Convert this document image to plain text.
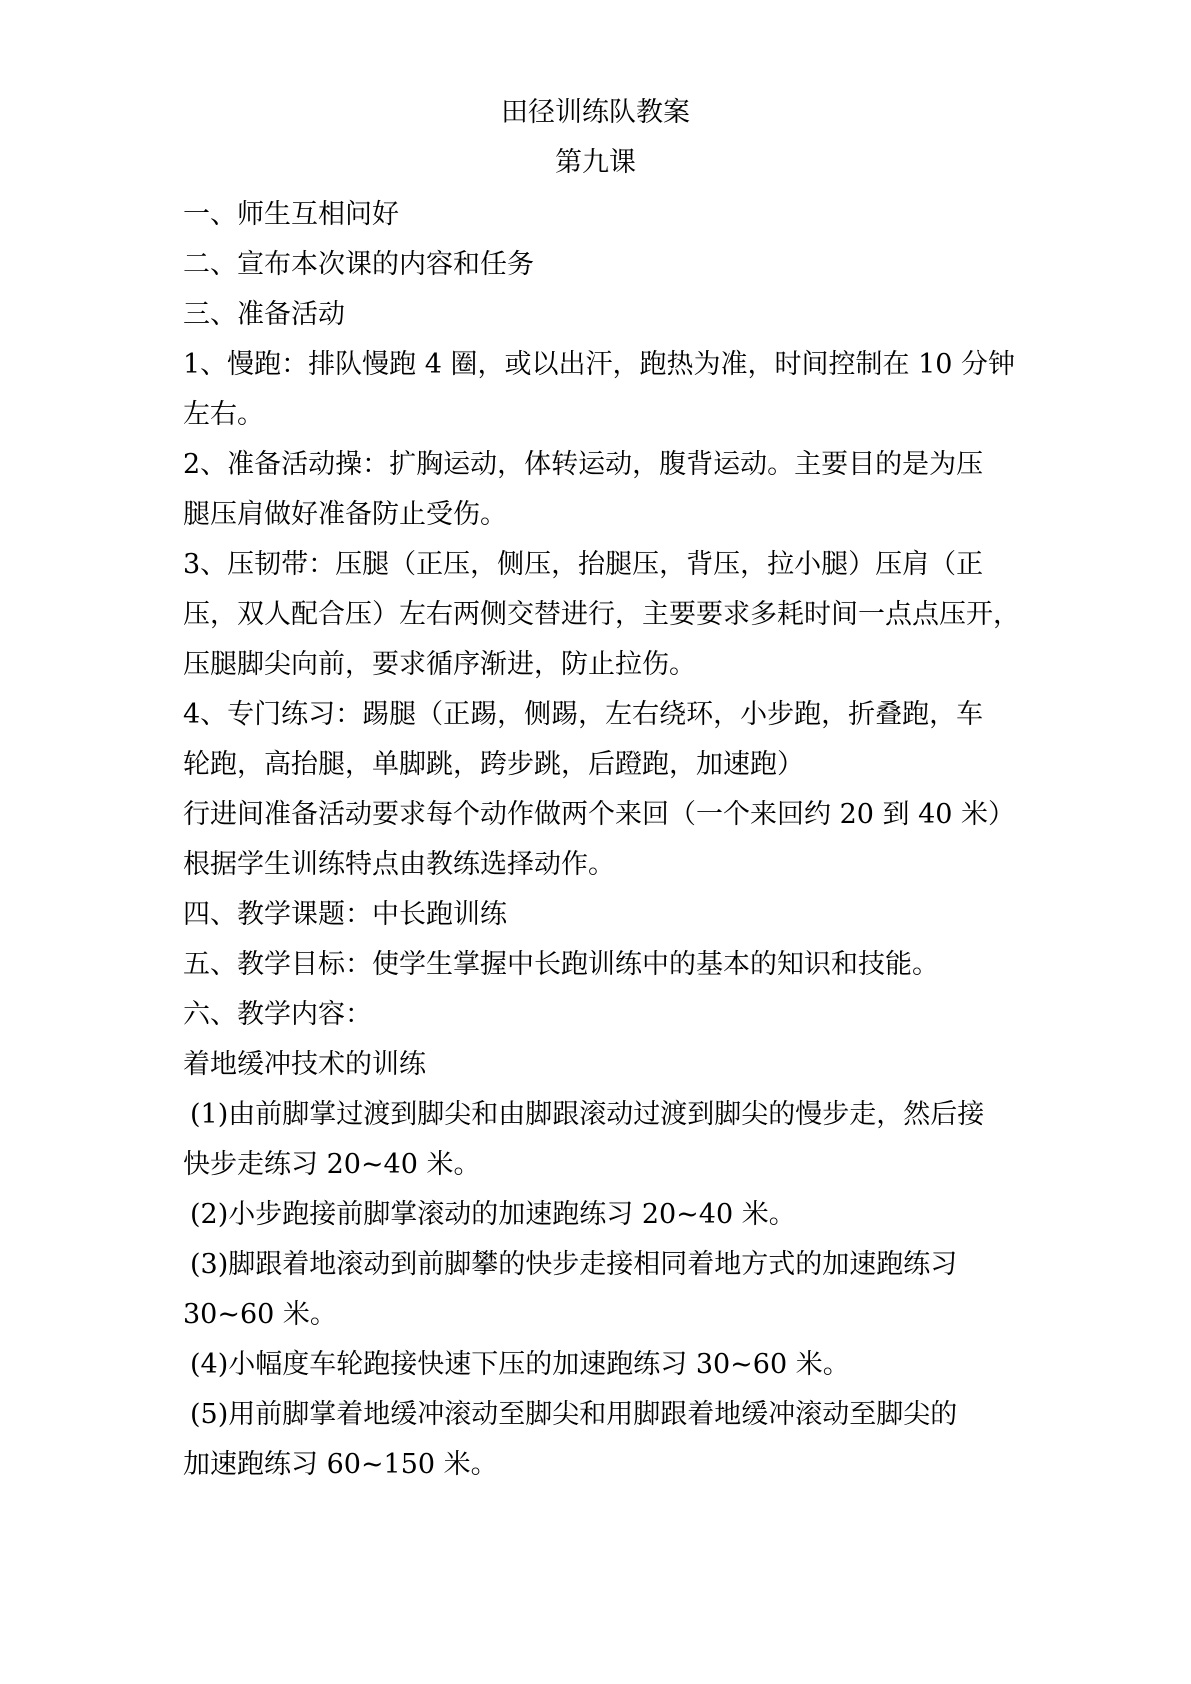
田径训练队教案
第九课
一、师生互相问好
二、宣布本次课的内容和任务
三、准备活动
1、慢跑：排队慢跑 4 圈，或以出汗，跑热为准，时间控制在 10 分钟
左右。
2、准备活动操：扩胸运动，体转运动，腹背运动。主要目的是为压
腿压肩做好准备防止受伤。
3、压韧带：压腿（正压，侧压，抬腿压，背压，拉小腿）压肩（正
压，双人配合压）左右两侧交替进行，主要要求多耗时间一点点压开，
压腿脚尖向前，要求循序渐进，防止拉伤。
4、专门练习：踢腿（正踢，侧踢，左右绕环，小步跑，折叠跑，车
轮跑，高抬腿，单脚跳，跨步跳，后蹬跑，加速跑）
行进间准备活动要求每个动作做两个来回（一个来回约 20 到 40 米）
根据学生训练特点由教练选择动作。
四、教学课题：中长跑训练
五、教学目标：使学生掌握中长跑训练中的基本的知识和技能。
六、教学内容：
着地缓冲技术的训练
(1)由前脚掌过渡到脚尖和由脚跟滚动过渡到脚尖的慢步走，然后接
快步走练习 20~40 米。
(2)小步跑接前脚掌滚动的加速跑练习 20~40 米。
(3)脚跟着地滚动到前脚攀的快步走接相同着地方式的加速跑练习
30~60 米。
(4)小幅度车轮跑接快速下压的加速跑练习 30~60 米。
(5)用前脚掌着地缓冲滚动至脚尖和用脚跟着地缓冲滚动至脚尖的
加速跑练习 60~150 米。
